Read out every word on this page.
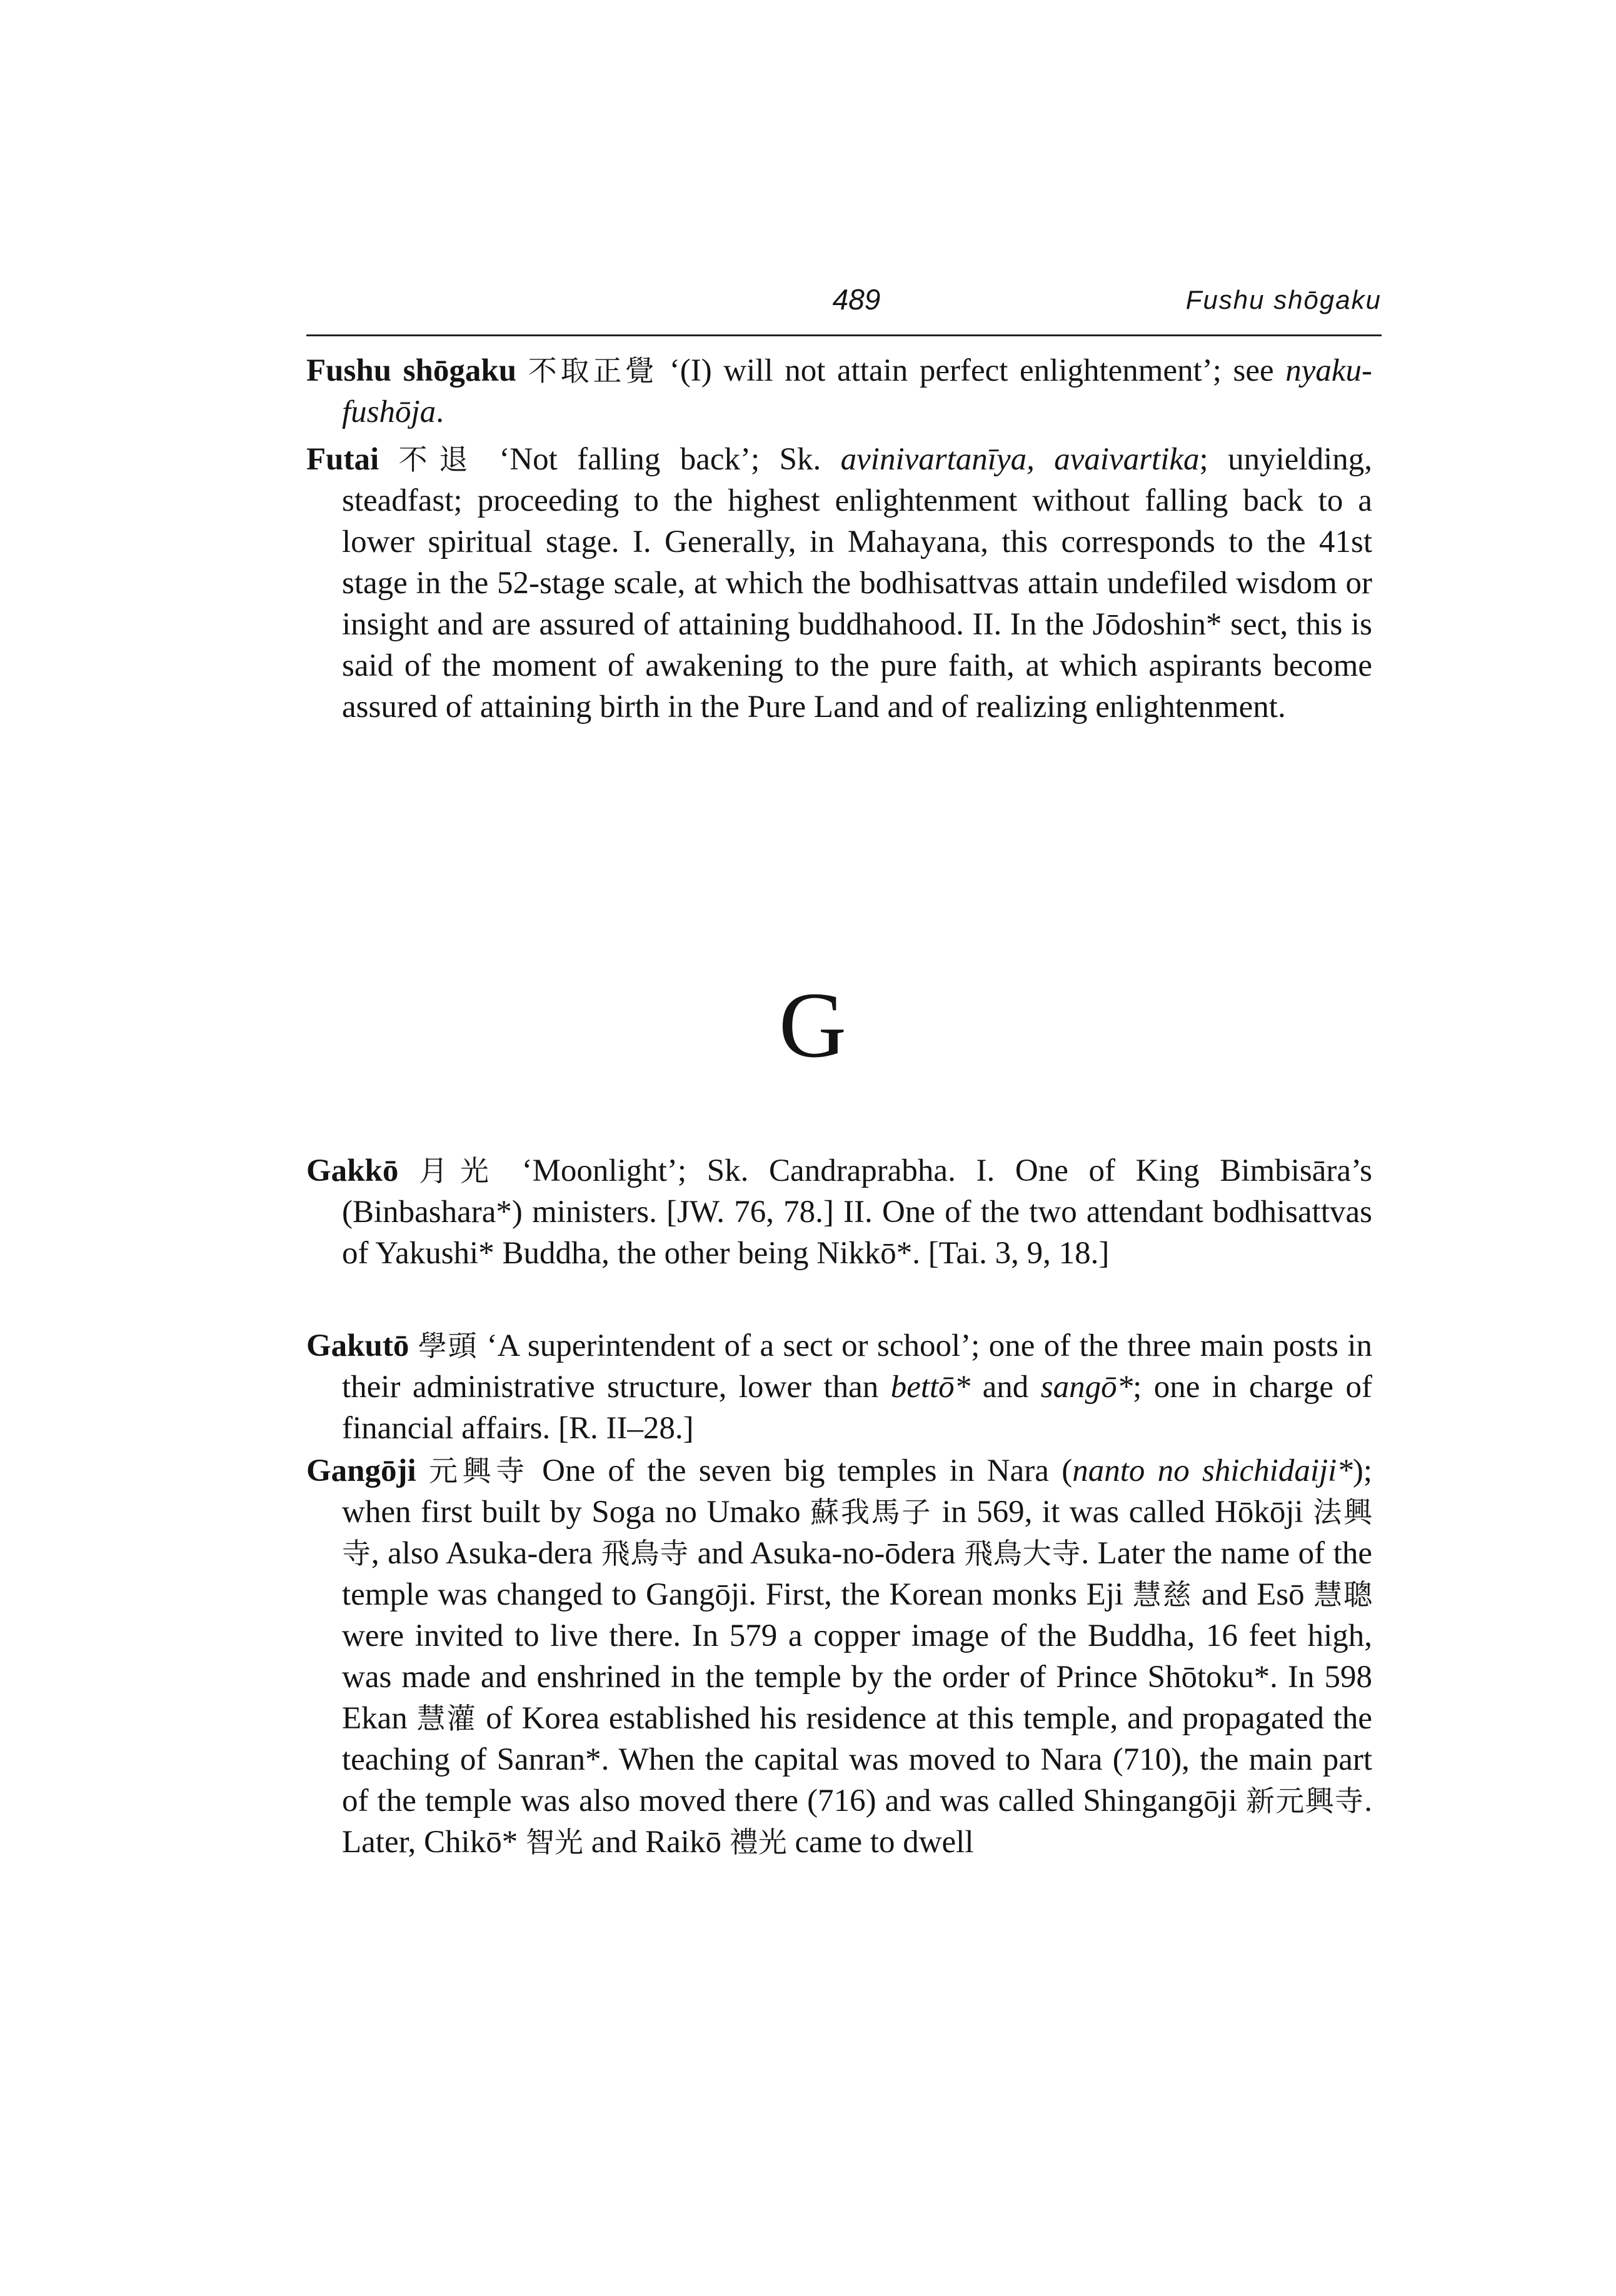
489	Fushu shōgaku
Fushu shōgaku 不取正覺 ‘(I) will not attain perfect enlightenment’; see nyaku-fushōja.
Futai 不退 ‘Not falling back’; Sk. avinivartanīya, avaivartika; unyielding, steadfast; proceeding to the highest enlightenment without falling back to a lower spiritual stage. I. Generally, in Mahayana, this corresponds to the 41st stage in the 52-stage scale, at which the bodhisattvas attain undefiled wisdom or insight and are assured of attaining buddhahood. II. In the Jōdoshin* sect, this is said of the moment of awakening to the pure faith, at which aspirants become assured of attaining birth in the Pure Land and of realizing enlightenment.
G
Gakkō 月光 ‘Moonlight’; Sk. Candraprabha. I. One of King Bimbisāra’s (Binbashara*) ministers. [JW. 76, 78.] II. One of the two attendant bodhisattvas of Yakushi* Buddha, the other being Nikkō*. [Tai. 3, 9, 18.]
Gakutō 學頭 ‘A superintendent of a sect or school’; one of the three main posts in their administrative structure, lower than bettō* and sangō*; one in charge of financial affairs. [R. II–28.]
Gangōji 元興寺 One of the seven big temples in Nara (nanto no shichidaiji*); when first built by Soga no Umako 蘇我馬子 in 569, it was called Hōkōji 法興寺, also Asuka-dera 飛鳥寺 and Asuka-no-ōdera 飛鳥大寺. Later the name of the temple was changed to Gangōji. First, the Korean monks Eji 慧慈 and Esō 慧聰 were invited to live there. In 579 a copper image of the Buddha, 16 feet high, was made and enshrined in the temple by the order of Prince Shōtoku*. In 598 Ekan 慧灌 of Korea established his residence at this temple, and propagated the teaching of Sanran*. When the capital was moved to Nara (710), the main part of the temple was also moved there (716) and was called Shingangōji 新元興寺. Later, Chikō* 智光 and Raikō 禮光 came to dwell
